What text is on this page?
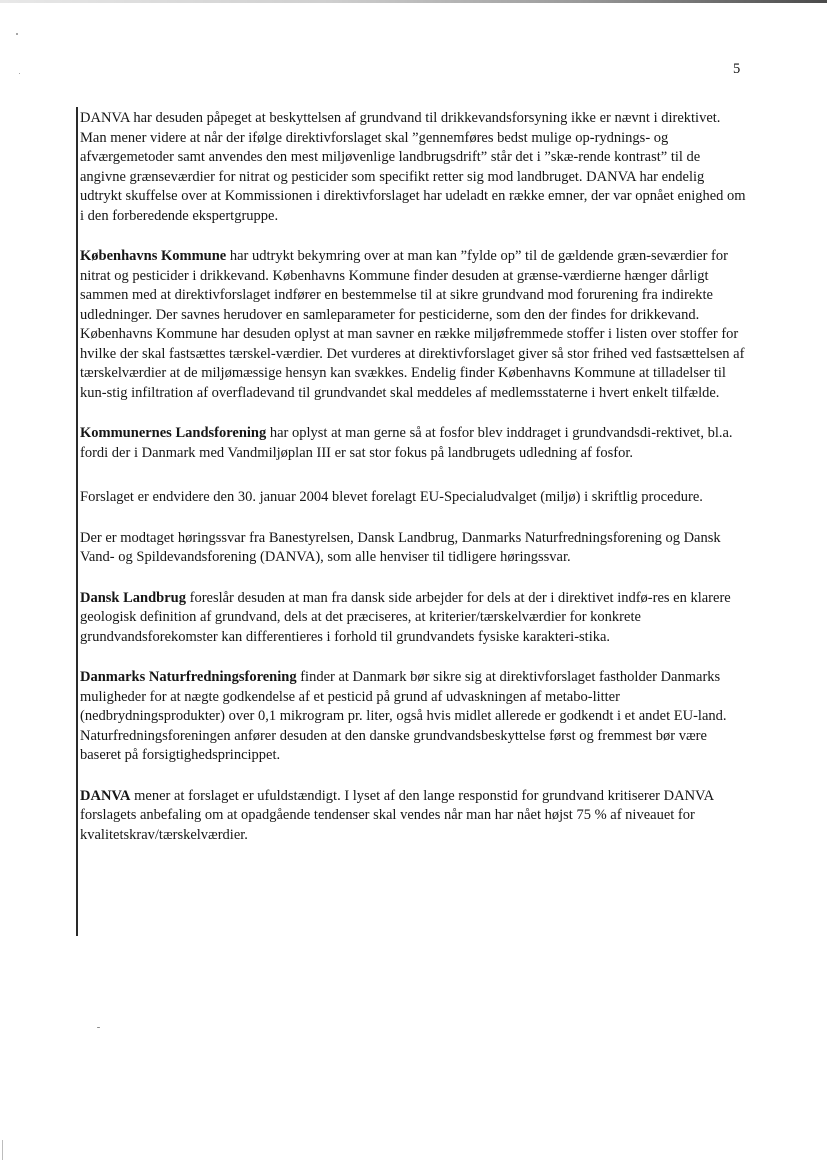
5

DANVA har desuden påpeget at beskyttelsen af grundvand til drikkevandsforsyning ikke er nævnt i direktivet. Man mener videre at når der ifølge direktivforslaget skal ”gennemføres bedst mulige op-rydnings- og afværgemetoder samt anvendes den mest miljøvenlige landbrugsdrift” står det i ”skæ-rende kontrast” til de angivne grænseværdier for nitrat og pesticider som specifikt retter sig mod landbruget. DANVA har endelig udtrykt skuffelse over at Kommissionen i direktivforslaget har udeladt en række emner, der var opnået enighed om i den forberedende ekspertgruppe.

Københavns Kommune har udtrykt bekymring over at man kan ”fylde op” til de gældende græn-seværdier for nitrat og pesticider i drikkevand. Københavns Kommune finder desuden at grænse-værdierne hænger dårligt sammen med at direktivforslaget indfører en bestemmelse til at sikre grundvand mod forurening fra indirekte udledninger. Der savnes herudover en samleparameter for pesticiderne, som den der findes for drikkevand. Københavns Kommune har desuden oplyst at man savner en række miljøfremmede stoffer i listen over stoffer for hvilke der skal fastsættes tærskel-værdier. Det vurderes at direktivforslaget giver så stor frihed ved fastsættelsen af tærskelværdier at de miljømæssige hensyn kan svækkes. Endelig finder Københavns Kommune at tilladelser til kun-stig infiltration af overfladevand til grundvandet skal meddeles af medlemsstaterne i hvert enkelt tilfælde.

Kommunernes Landsforening har oplyst at man gerne så at fosfor blev inddraget i grundvandsdi-rektivet, bl.a. fordi der i Danmark med Vandmiljøplan III er sat stor fokus på landbrugets udledning af fosfor.

Forslaget er endvidere den 30. januar 2004 blevet forelagt EU-Specialudvalget (miljø) i skriftlig procedure.

Der er modtaget høringssvar fra Banestyrelsen, Dansk Landbrug, Danmarks Naturfredningsforening og Dansk Vand- og Spildevandsforening (DANVA), som alle henviser til tidligere høringssvar.

Dansk Landbrug foreslår desuden at man fra dansk side arbejder for dels at der i direktivet indfø-res en klarere geologisk definition af grundvand, dels at det præciseres, at kriterier/tærskelværdier for konkrete grundvandsforekomster kan differentieres i forhold til grundvandets fysiske karakteri-stika.

Danmarks Naturfredningsforening finder at Danmark bør sikre sig at direktivforslaget fastholder Danmarks muligheder for at nægte godkendelse af et pesticid på grund af udvaskningen af metabo-litter (nedbrydningsprodukter) over 0,1 mikrogram pr. liter, også hvis midlet allerede er godkendt i et andet EU-land. Naturfredningsforeningen anfører desuden at den danske grundvandsbeskyttelse først og fremmest bør være baseret på forsigtighedsprincippet.

DANVA mener at forslaget er ufuldstændigt. I lyset af den lange responstid for grundvand kritiserer DANVA forslagets anbefaling om at opadgående tendenser skal vendes når man har nået højst 75 % af niveauet for kvalitetskrav/tærskelværdier.
